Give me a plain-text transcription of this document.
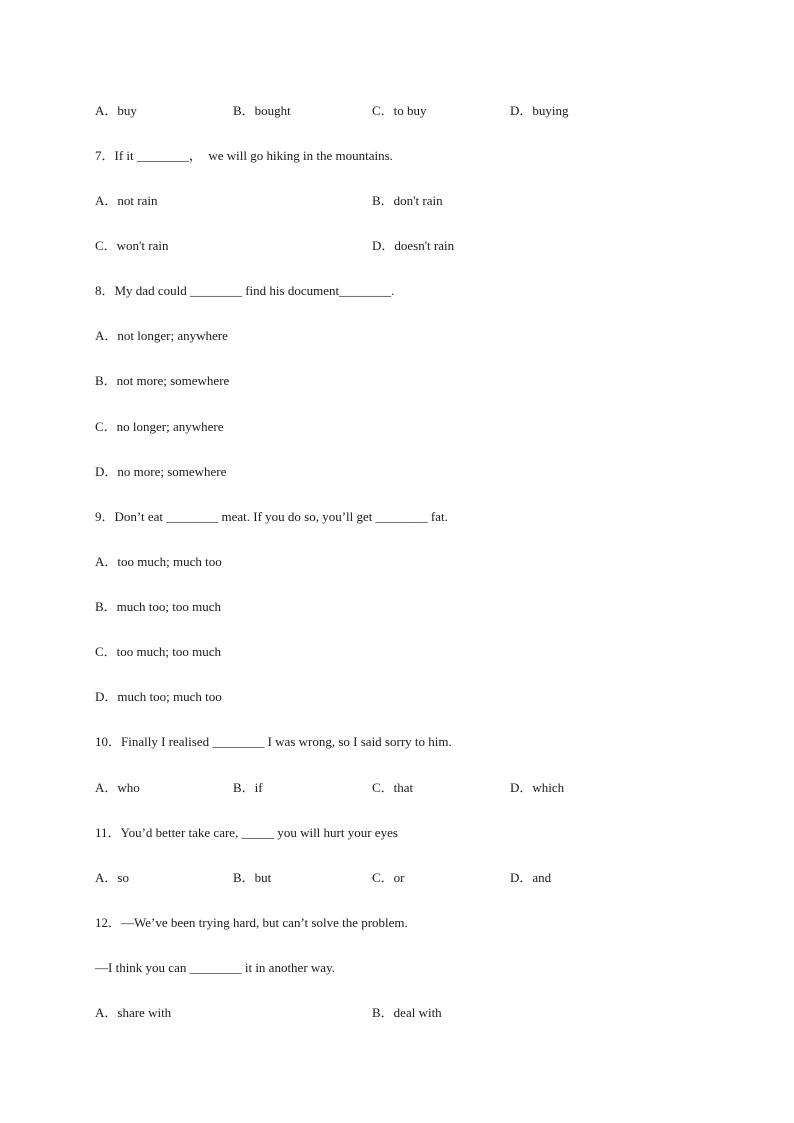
A．buy	B．bought	C．to buy	D．buying
7．If it ________，  we will go hiking in the mountains.
A．not rain	B．don't rain
C．won't rain	D．doesn't rain
8．My dad could ________ find his document________.
A．not longer; anywhere
B．not more; somewhere
C．no longer; anywhere
D．no more; somewhere
9．Don’t eat ________ meat. If you do so, you’ll get ________ fat.
A．too much; much too
B．much too; too much
C．too much; too much
D．much too; much too
10．Finally I realised ________ I was wrong, so I said sorry to him.
A．who	B．if	C．that	D．which
11．You’d better take care, _____ you will hurt your eyes
A．so	B．but	C．or	D．and
12．—We’ve been trying hard, but can’t solve the problem.
—I think you can ________ it in another way.
A．share with	B．deal with
